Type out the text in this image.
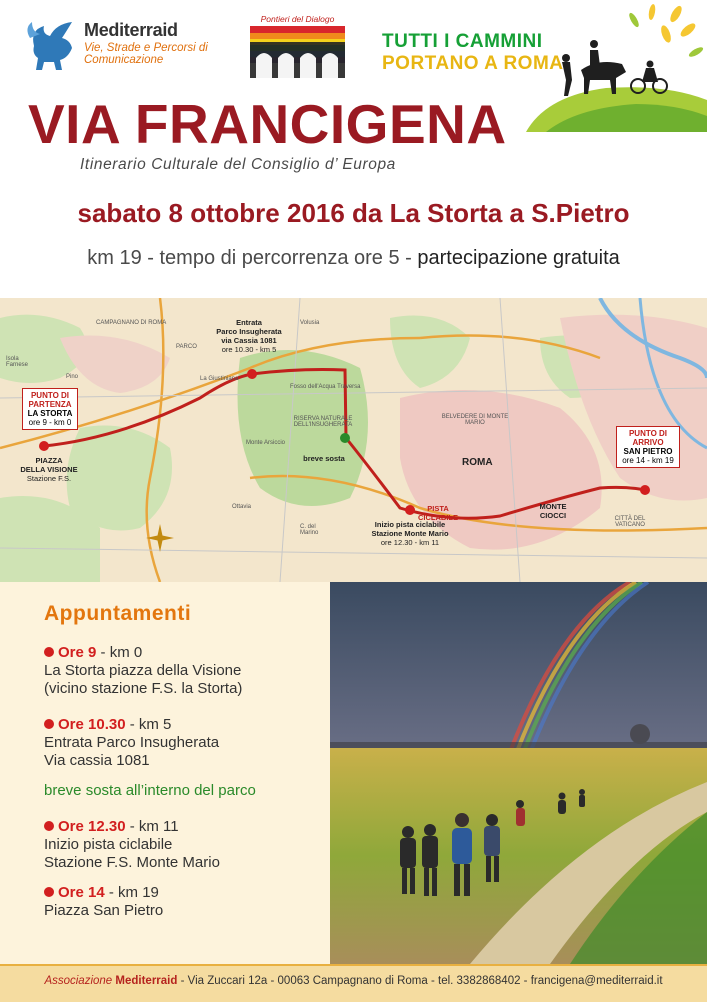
Mediterraid
Vie, Strade e Percorsi di Comunicazione
Pontieri del Dialogo
TUTTI I CAMMINI
PORTANO A ROMA
VIA FRANCIGENA
Itinerario Culturale del Consiglio d’ Europa
sabato 8 ottobre 2016 da La Storta a S.Pietro
km 19 - tempo di percorrenza ore 5 - partecipazione gratuita
CAMPAGNANO DI ROMA
Isola Farnese
Pino
Volusia
La Giustiniana
PARCO
RISERVA NATURALE DELL'INSUGHERATA
Monte Arsiccio
Ottavia
C. del Marino
BELVEDERE DI MONTE MARIO
CITTÀ DEL VATICANO
Fosso dell'Acqua Traversa
PUNTO DI PARTENZA
LA STORTA
ore 9 - km 0
PIAZZA
DELLA VISIONE
Stazione F.S.
Entrata
Parco Insugherata
via Cassia 1081
ore 10.30 - km 5
breve sosta
PISTA CICLABILE
Inizio pista ciclabile
Stazione Monte Mario
ore 12.30 - km 11
MONTE CIOCCI
ROMA
PUNTO DI ARRIVO
SAN PIETRO
ore 14 - km 19
Appuntamenti
Ore 9 - km 0
La Storta piazza della Visione
(vicino stazione F.S. la Storta)
Ore 10.30 - km 5
Entrata Parco Insugherata
Via cassia 1081
breve sosta all’interno del parco
Ore 12.30 - km 11
Inizio pista ciclabile
Stazione F.S. Monte Mario
Ore 14 - km 19
Piazza San Pietro
Associazione Mediterraid - Via Zuccari 12a - 00063 Campagnano di Roma - tel. 3382868402 - francigena@mediterraid.it
